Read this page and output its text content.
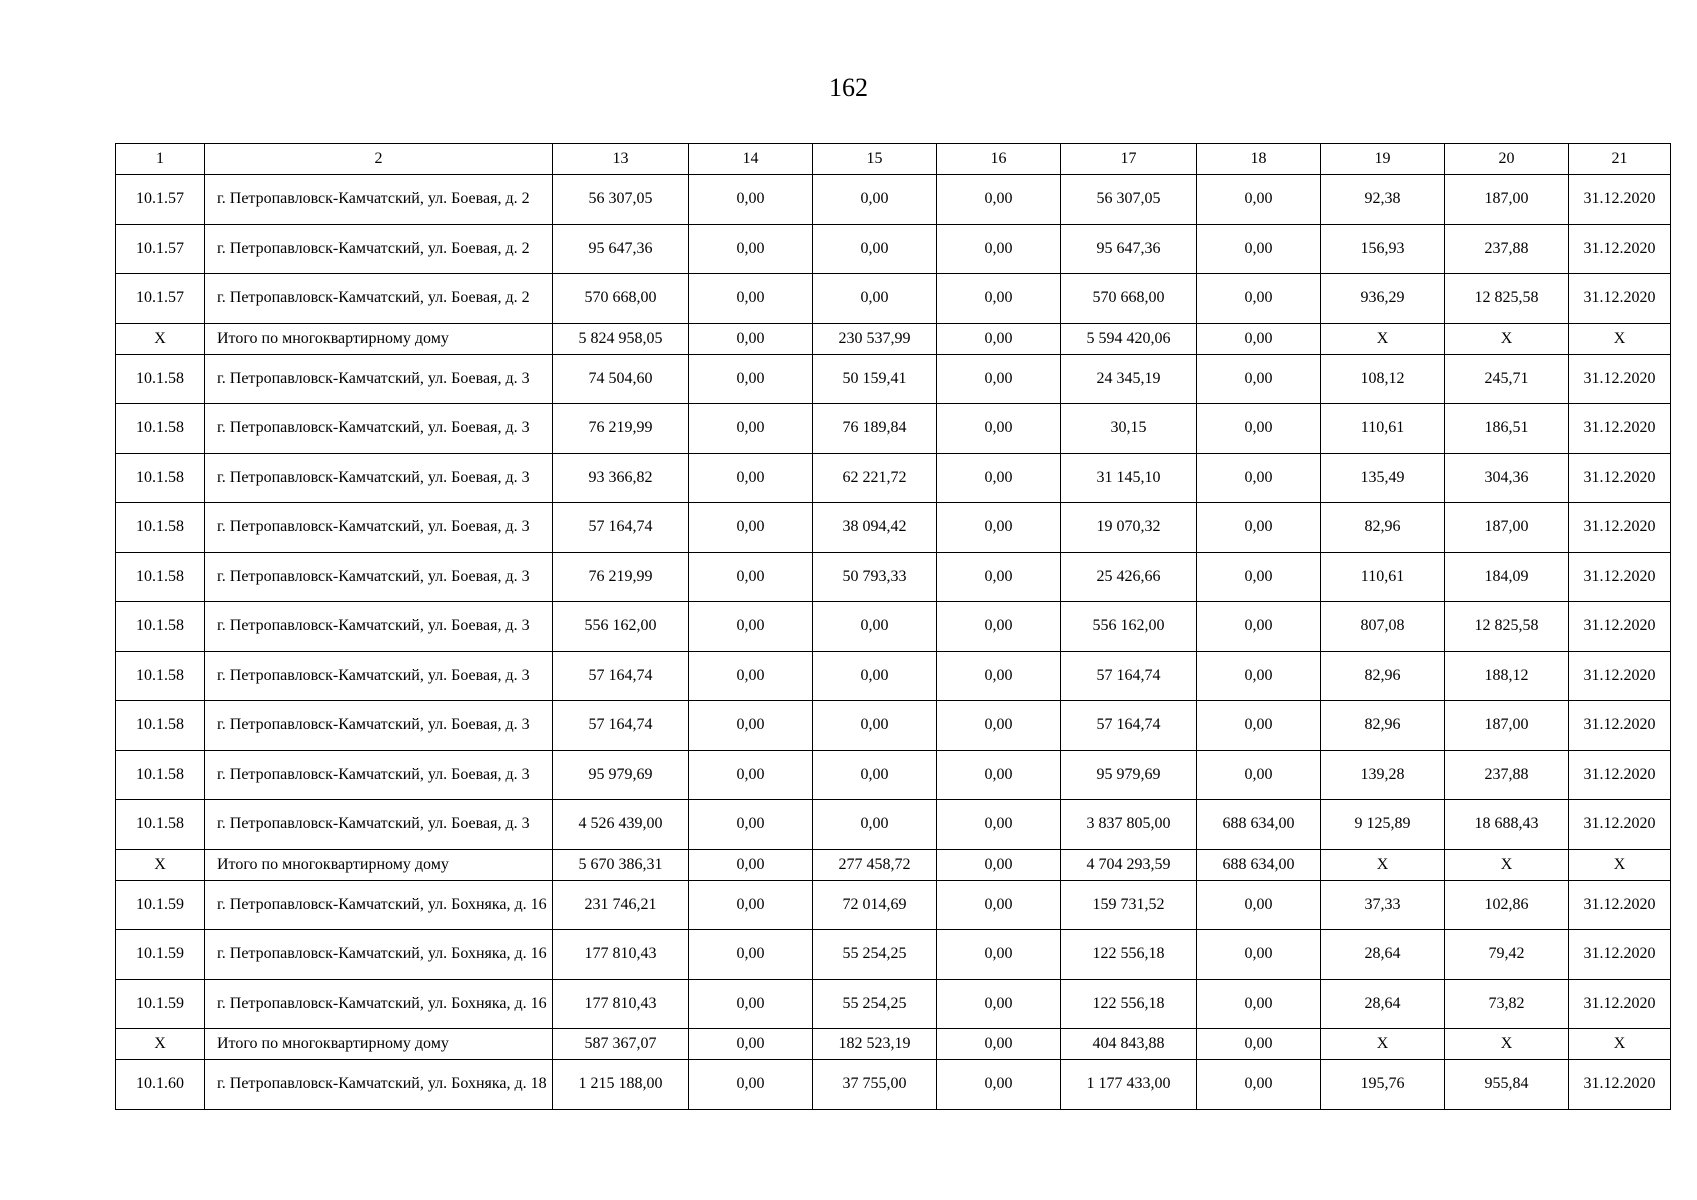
162
1	2	13	14	15	16	17	18	19	20	21
10.1.57	г. Петропавловск-Камчатский, ул. Боевая, д. 2	56 307,05	0,00	0,00	0,00	56 307,05	0,00	92,38	187,00	31.12.2020
10.1.57	г. Петропавловск-Камчатский, ул. Боевая, д. 2	95 647,36	0,00	0,00	0,00	95 647,36	0,00	156,93	237,88	31.12.2020
10.1.57	г. Петропавловск-Камчатский, ул. Боевая, д. 2	570 668,00	0,00	0,00	0,00	570 668,00	0,00	936,29	12 825,58	31.12.2020
X	Итого по многоквартирному дому	5 824 958,05	0,00	230 537,99	0,00	5 594 420,06	0,00	X	X	X
10.1.58	г. Петропавловск-Камчатский, ул. Боевая, д. 3	74 504,60	0,00	50 159,41	0,00	24 345,19	0,00	108,12	245,71	31.12.2020
10.1.58	г. Петропавловск-Камчатский, ул. Боевая, д. 3	76 219,99	0,00	76 189,84	0,00	30,15	0,00	110,61	186,51	31.12.2020
10.1.58	г. Петропавловск-Камчатский, ул. Боевая, д. 3	93 366,82	0,00	62 221,72	0,00	31 145,10	0,00	135,49	304,36	31.12.2020
10.1.58	г. Петропавловск-Камчатский, ул. Боевая, д. 3	57 164,74	0,00	38 094,42	0,00	19 070,32	0,00	82,96	187,00	31.12.2020
10.1.58	г. Петропавловск-Камчатский, ул. Боевая, д. 3	76 219,99	0,00	50 793,33	0,00	25 426,66	0,00	110,61	184,09	31.12.2020
10.1.58	г. Петропавловск-Камчатский, ул. Боевая, д. 3	556 162,00	0,00	0,00	0,00	556 162,00	0,00	807,08	12 825,58	31.12.2020
10.1.58	г. Петропавловск-Камчатский, ул. Боевая, д. 3	57 164,74	0,00	0,00	0,00	57 164,74	0,00	82,96	188,12	31.12.2020
10.1.58	г. Петропавловск-Камчатский, ул. Боевая, д. 3	57 164,74	0,00	0,00	0,00	57 164,74	0,00	82,96	187,00	31.12.2020
10.1.58	г. Петропавловск-Камчатский, ул. Боевая, д. 3	95 979,69	0,00	0,00	0,00	95 979,69	0,00	139,28	237,88	31.12.2020
10.1.58	г. Петропавловск-Камчатский, ул. Боевая, д. 3	4 526 439,00	0,00	0,00	0,00	3 837 805,00	688 634,00	9 125,89	18 688,43	31.12.2020
X	Итого по многоквартирному дому	5 670 386,31	0,00	277 458,72	0,00	4 704 293,59	688 634,00	X	X	X
10.1.59	г. Петропавловск-Камчатский, ул. Бохняка, д. 16	231 746,21	0,00	72 014,69	0,00	159 731,52	0,00	37,33	102,86	31.12.2020
10.1.59	г. Петропавловск-Камчатский, ул. Бохняка, д. 16	177 810,43	0,00	55 254,25	0,00	122 556,18	0,00	28,64	79,42	31.12.2020
10.1.59	г. Петропавловск-Камчатский, ул. Бохняка, д. 16	177 810,43	0,00	55 254,25	0,00	122 556,18	0,00	28,64	73,82	31.12.2020
X	Итого по многоквартирному дому	587 367,07	0,00	182 523,19	0,00	404 843,88	0,00	X	X	X
10.1.60	г. Петропавловск-Камчатский, ул. Бохняка, д. 18	1 215 188,00	0,00	37 755,00	0,00	1 177 433,00	0,00	195,76	955,84	31.12.2020
